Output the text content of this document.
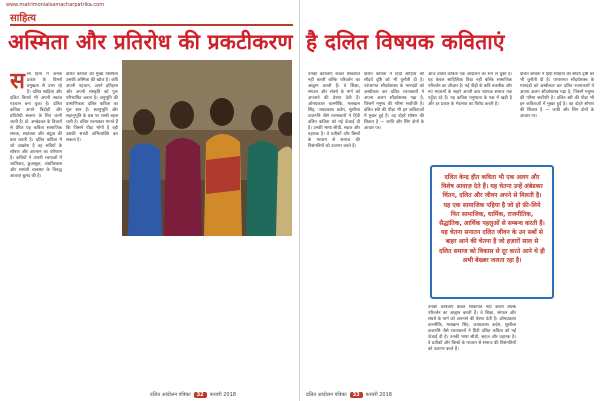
www.matrimonialsamacharpatrika.com
साहित्य
अस्मिता और प्रतिरोध की प्रकटीकरण
ससा हित्य में अनेक प्रकार के विमर्श प्रमुखता से उभर रहे हैं। दलित साहित्य और दलित विमर्श भी अपनी स्वतंत्र पहचान बना चुका है। दलित कविता अपने विद्रोही और प्रतिरोधी स्वरूप के लिए जानी जाती है। डॉ. अम्बेडकर के विचारों से प्रेरित यह कविता सामाजिक समता, स्वतंत्रता और बंधुत्व की बात करती है। दलित कविता में जो आक्रोश है वह सदियों के शोषण और अपमान का परिणाम है। कवियों ने अपनी रचनाओं में जातिवाद, छुआछूत, अंधविश्वास और सामंती व्यवस्था के विरुद्ध आवाज़ बुलंद की है।
दलित कविता की मुख्य विशेषता उसकी अस्मिता की खोज है। कवि अपनी पहचान, अपने इतिहास और अपनी संस्कृति को पुनः परिभाषित करता है। अनुभूति की प्रामाणिकता दलित कविता का मूल स्वर है। स्वानुभूति और सहानुभूति के प्रश्न पर लम्बी बहस चली है। दलित रचनाकार मानते हैं कि जिसने पीड़ा भोगी है वही उसकी सच्ची अभिव्यक्ति कर सकता है।
है दलित विषयक कविताएं
उनकी कविताएँ केवल शिकायत नहीं करतीं बल्कि परिवर्तन का आह्वान करती हैं। वे शिक्षा, संगठन और संघर्ष के मार्ग को अपनाने की प्रेरणा देती हैं। ओमप्रकाश वाल्मीकि, मलखान सिंह, जयप्रकाश कर्दम, सुशीला टाकभौरे जैसे रचनाकारों ने हिंदी दलित कविता को नई ऊँचाई दी है। उनकी भाषा सीधी, सहज और प्रहारक है। वे प्रतीकों और बिम्बों के माध्यम से समाज की विसंगतियों को उजागर करते हैं।
दलित कविता ने हिंदी साहित्य की सौंदर्य दृष्टि को भी चुनौती दी है। परंपरागत सौंदर्यशास्त्र के मानदंडों को अस्वीकार कर दलित रचनाकारों ने अपना अलग सौंदर्यशास्त्र गढ़ा है, जिसमें मनुष्य की गरिमा सर्वोपरि है। दलित स्त्री की पीड़ा भी इन कविताओं में मुखर हुई है। वह दोहरे शोषण की शिकार है — जाति और लिंग दोनों के आधार पर।
आज दलित कविता एक आंदोलन का रूप ले चुकी है। यह केवल साहित्यिक विधा नहीं बल्कि सामाजिक परिवर्तन का औज़ार है। नई पीढ़ी के कवि तकनीक और नए माध्यमों के सहारे अपनी बात व्यापक समाज तक पहुँचा रहे हैं। यह कविता मनुष्यता के पक्ष में खड़ी है और हर प्रकार के भेदभाव का विरोध करती है।
दलित कविता ने हिंदी साहित्य की सौंदर्य दृष्टि को भी चुनौती दी है। परंपरागत सौंदर्यशास्त्र के मानदंडों को अस्वीकार कर दलित रचनाकारों ने अपना अलग सौंदर्यशास्त्र गढ़ा है, जिसमें मनुष्य की गरिमा सर्वोपरि है। दलित स्त्री की पीड़ा भी इन कविताओं में मुखर हुई है। वह दोहरे शोषण की शिकार है — जाति और लिंग दोनों के आधार पर।
दलित केन्द्र हीत कविता भी एक अलग और विशेष आवाज़ देते हैं। यह चेतना उन्हें अंबेडकर चिंतन, दलित और जीवन अपने से मिलती है। यह एक सामाजिक पहिया है जो हो फ़ी-लिये फिर सामाजिक, धार्मिक, राजनीतिक, सैद्धांतिक, आर्थिक पहलुओं से सम्बन्ध करती हैं। यह चेतना सनातन दलित जीवन के उन सबों से बाहर आने की चेतना है जो हज़ारों साल से दलित समाज को विकास से दूर करते आने थे ही अभी बेख्बर जलता रहा है।
उनकी कविताएँ केवल शिकायत नहीं करतीं बल्कि परिवर्तन का आह्वान करती हैं। वे शिक्षा, संगठन और संघर्ष के मार्ग को अपनाने की प्रेरणा देती हैं। ओमप्रकाश वाल्मीकि, मलखान सिंह, जयप्रकाश कर्दम, सुशीला टाकभौरे जैसे रचनाकारों ने हिंदी दलित कविता को नई ऊँचाई दी है। उनकी भाषा सीधी, सहज और प्रहारक है। वे प्रतीकों और बिम्बों के माध्यम से समाज की विसंगतियों को उजागर करते हैं।
दलित आंदोलन पत्रिका	33	फरवरी 2018
दलित आंदोलन पत्रिका	32	फरवरी 2018
